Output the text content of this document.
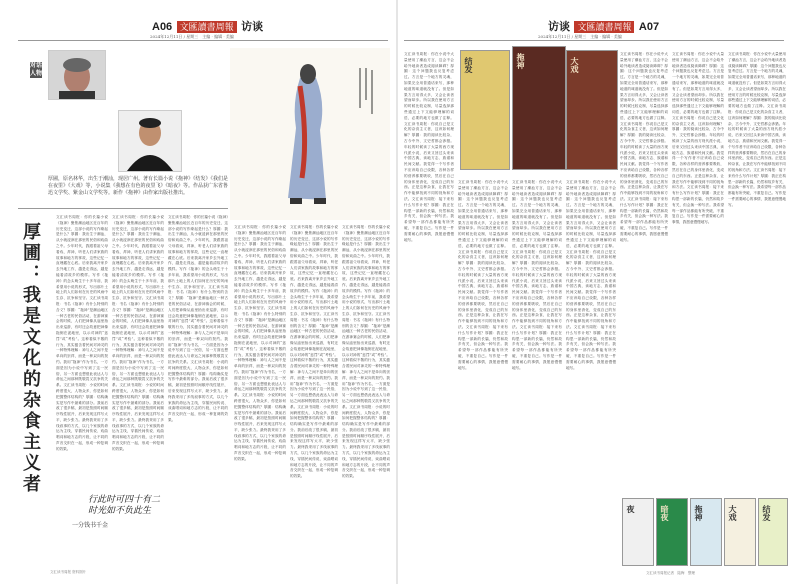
A06 文匯讀書周報 访谈
2024年12月11日 / 星期三　主编 · 编辑 · 美编
对话人物
厚圃，原名林华，出生于潮汕，现居广州。著有长篇小说《拖神》《结发》《我们是在夜里》《大戏》等，小说集《我想在有色的夜里飞》《暗夜》等。作品获广东省鲁迅文学奖、紫金山文学奖等。新作《拖神》由作家出版社推出。
厚圃：我是文化的杂食主义者
文汇读书周报：你的长篇小说《拖神》聚焦潮汕地区近百年的历史变迁，这部小说的写作缘起是什么？厚圃：我出生于潮汕，从小就浸润在那里的民俗和戏曲之中。少年时代，我跟着祖父母看戏、拜神，听老人们讲家族的故事和地方的掌故，这些记忆一直埋藏在心底。后来我离开家乡去外地工作，越是走得远，越是能看清故乡的模样。写作《拖神》的念头萌生于十多年前，我希望用小说的形式，写出那片土地上的人们如何在历史的风雨中生存、抗争和坚守。文汇读书周报：书名《拖神》有什么特别的含义？厚圃：“拖神”是潮汕地区一种古老的民俗活动，在游神赛会的时候，人们把神像从庙里抬出来巡游，有时还会故意把神像拖倒在泥地里，以示对神的“惩罚”或“考验”。这种看似不敬的行为，其实蕴含着民间对神灵的一种特殊理解：神与人之间不是单向的崇拜，而是一种双向的契约。我用“拖神”作为书名，一方面是因为小说中写到了这一民俗，另一方面也想借此表达人与命运之间那种既敬畏又抗争的关系。文汇读书周报：小说的时间跨度很大，人物众多，你是如何把握整体结构的？厚圃：结构确实是写作中最难的部分。我前后改了很多稿，最初是按照时间顺序线性展开，后来发现这样写太平，缺少张力。最终我采用了多线叙事的方式，以几个家族的命运为主线，穿插民间传说、戏曲唱词和地方志的片段，让不同的声音交织在一起，形成一种复调的效果。
文汇读书周报：你的长篇小说《拖神》聚焦潮汕地区近百年的历史变迁，这部小说的写作缘起是什么？厚圃：我出生于潮汕，从小就浸润在那里的民俗和戏曲之中。少年时代，我跟着祖父母看戏、拜神，听老人们讲家族的故事和地方的掌故，这些记忆一直埋藏在心底。后来我离开家乡去外地工作，越是走得远，越是能看清故乡的模样。写作《拖神》的念头萌生于十多年前，我希望用小说的形式，写出那片土地上的人们如何在历史的风雨中生存、抗争和坚守。文汇读书周报：书名《拖神》有什么特别的含义？厚圃：“拖神”是潮汕地区一种古老的民俗活动，在游神赛会的时候，人们把神像从庙里抬出来巡游，有时还会故意把神像拖倒在泥地里，以示对神的“惩罚”或“考验”。这种看似不敬的行为，其实蕴含着民间对神灵的一种特殊理解：神与人之间不是单向的崇拜，而是一种双向的契约。我用“拖神”作为书名，一方面是因为小说中写到了这一民俗，另一方面也想借此表达人与命运之间那种既敬畏又抗争的关系。文汇读书周报：小说的时间跨度很大，人物众多，你是如何把握整体结构的？厚圃：结构确实是写作中最难的部分。我前后改了很多稿，最初是按照时间顺序线性展开，后来发现这样写太平，缺少张力。最终我采用了多线叙事的方式，以几个家族的命运为主线，穿插民间传说、戏曲唱词和地方志的片段，让不同的声音交织在一起，形成一种复调的效果。
文汇读书周报：你的长篇小说《拖神》聚焦潮汕地区近百年的历史变迁，这部小说的写作缘起是什么？厚圃：我出生于潮汕，从小就浸润在那里的民俗和戏曲之中。少年时代，我跟着祖父母看戏、拜神，听老人们讲家族的故事和地方的掌故，这些记忆一直埋藏在心底。后来我离开家乡去外地工作，越是走得远，越是能看清故乡的模样。写作《拖神》的念头萌生于十多年前，我希望用小说的形式，写出那片土地上的人们如何在历史的风雨中生存、抗争和坚守。文汇读书周报：书名《拖神》有什么特别的含义？厚圃：“拖神”是潮汕地区一种古老的民俗活动，在游神赛会的时候，人们把神像从庙里抬出来巡游，有时还会故意把神像拖倒在泥地里，以示对神的“惩罚”或“考验”。这种看似不敬的行为，其实蕴含着民间对神灵的一种特殊理解：神与人之间不是单向的崇拜，而是一种双向的契约。我用“拖神”作为书名，一方面是因为小说中写到了这一民俗，另一方面也想借此表达人与命运之间那种既敬畏又抗争的关系。文汇读书周报：小说的时间跨度很大，人物众多，你是如何把握整体结构的？厚圃：结构确实是写作中最难的部分。我前后改了很多稿，最初是按照时间顺序线性展开，后来发现这样写太平，缺少张力。最终我采用了多线叙事的方式，以几个家族的命运为主线，穿插民间传说、戏曲唱词和地方志的片段，让不同的声音交织在一起，形成一种复调的效果。
文汇读书周报：你的长篇小说《拖神》聚焦潮汕地区近百年的历史变迁，这部小说的写作缘起是什么？厚圃：我出生于潮汕，从小就浸润在那里的民俗和戏曲之中。少年时代，我跟着祖父母看戏、拜神，听老人们讲家族的故事和地方的掌故，这些记忆一直埋藏在心底。后来我离开家乡去外地工作，越是走得远，越是能看清故乡的模样。写作《拖神》的念头萌生于十多年前，我希望用小说的形式，写出那片土地上的人们如何在历史的风雨中生存、抗争和坚守。文汇读书周报：书名《拖神》有什么特别的含义？厚圃：“拖神”是潮汕地区一种古老的民俗活动，在游神赛会的时候，人们把神像从庙里抬出来巡游，有时还会故意把神像拖倒在泥地里，以示对神的“惩罚”或“考验”。这种看似不敬的行为，其实蕴含着民间对神灵的一种特殊理解：神与人之间不是单向的崇拜，而是一种双向的契约。我用“拖神”作为书名，一方面是因为小说中写到了这一民俗，另一方面也想借此表达人与命运之间那种既敬畏又抗争的关系。文汇读书周报：小说的时间跨度很大，人物众多，你是如何把握整体结构的？厚圃：结构确实是写作中最难的部分。我前后改了很多稿，最初是按照时间顺序线性展开，后来发现这样写太平，缺少张力。最终我采用了多线叙事的方式，以几个家族的命运为主线，穿插民间传说、戏曲唱词和地方志的片段，让不同的声音交织在一起，形成一种复调的效果。
文汇读书周报：你的长篇小说《拖神》聚焦潮汕地区近百年的历史变迁，这部小说的写作缘起是什么？厚圃：我出生于潮汕，从小就浸润在那里的民俗和戏曲之中。少年时代，我跟着祖父母看戏、拜神，听老人们讲家族的故事和地方的掌故，这些记忆一直埋藏在心底。后来我离开家乡去外地工作，越是走得远，越是能看清故乡的模样。写作《拖神》的念头萌生于十多年前，我希望用小说的形式，写出那片土地上的人们如何在历史的风雨中生存、抗争和坚守。文汇读书周报：书名《拖神》有什么特别的含义？厚圃：“拖神”是潮汕地区一种古老的民俗活动，在游神赛会的时候，人们把神像从庙里抬出来巡游，有时还会故意把神像拖倒在泥地里，以示对神的“惩罚”或“考验”。这种看似不敬的行为，其实蕴含着民间对神灵的一种特殊理解：神与人之间不是单向的崇拜，而是一种双向的契约。我用“拖神”作为书名，一方面是因为小说中写到了这一民俗，另一方面也想借此表达人与命运之间那种既敬畏又抗争的关系。文汇读书周报：小说的时间跨度很大，人物众多，你是如何把握整体结构的？厚圃：结构确实是写作中最难的部分。我前后改了很多稿，最初是按照时间顺序线性展开，后来发现这样写太平，缺少张力。最终我采用了多线叙事的方式，以几个家族的命运为主线，穿插民间传说、戏曲唱词和地方志的片段，让不同的声音交织在一起，形成一种复调的效果。
文汇读书周报：你的长篇小说《拖神》聚焦潮汕地区近百年的历史变迁，这部小说的写作缘起是什么？厚圃：我出生于潮汕，从小就浸润在那里的民俗和戏曲之中。少年时代，我跟着祖父母看戏、拜神，听老人们讲家族的故事和地方的掌故，这些记忆一直埋藏在心底。后来我离开家乡去外地工作，越是走得远，越是能看清故乡的模样。写作《拖神》的念头萌生于十多年前，我希望用小说的形式，写出那片土地上的人们如何在历史的风雨中生存、抗争和坚守。文汇读书周报：书名《拖神》有什么特别的含义？厚圃：“拖神”是潮汕地区一种古老的民俗活动，在游神赛会的时候，人们把神像从庙里抬出来巡游，有时还会故意把神像拖倒在泥地里，以示对神的“惩罚”或“考验”。这种看似不敬的行为，其实蕴含着民间对神灵的一种特殊理解：神与人之间不是单向的崇拜，而是一种双向的契约。我用“拖神”作为书名，一方面是因为小说中写到了这一民俗，另一方面也想借此表达人与命运之间那种既敬畏又抗争的关系。文汇读书周报：小说的时间跨度很大，人物众多，你是如何把握整体结构的？厚圃：结构确实是写作中最难的部分。我前后改了很多稿，最初是按照时间顺序线性展开，后来发现这样写太平，缺少张力。最终我采用了多线叙事的方式，以几个家族的命运为主线，穿插民间传说、戏曲唱词和地方志的片段，让不同的声音交织在一起，形成一种复调的效果。
行此时可四十有二 时光如不负此生
一分钱书千金
文汇读书周报 资料图片
访谈 文匯讀書周報 A07
2024年12月11日 / 星期三　主编 · 编辑 · 美编
结发	拖神	大戏
文汇读书周报：你在小说中大量使用了潮汕方言，这会不会给外地读者造成阅读障碍？厚圃：这个问题我也反复考虑过。方言是一个地方的灵魂，如果完全用普通话来写，那种地道的味道就没有了。但是如果方言用得太多，又会让读者望而却步。所以我在使用方言的时候比较克制，尽量选择那些通过上下文能够理解的词语，必要的地方也做了注释。文汇读书周报：你说自己是文化的杂食主义者，这该如何理解？厚圃：我的阅读比较杂，古今中外、文史哲都会涉猎。年轻的时候读了大量的西方现代派小说，后来又回过头来读中国古典，读地方志、族谱和民间文献。我觉得一个写作者不应该给自己设限，各种各样的营养都要吸收，然后在自己的身体里消化，变成自己的东西。正是这种杂食，让我在写作中能够找到不同的视角和方法。文汇读书周报：接下来有什么写作计划？厚圃：我正在构思一部新的长篇，仍然和故乡有关，但会换一种写法。我希望每一部作品都能有所突破，不重复自己。写作是一件需要耐心的事情，我愿意慢慢地写。
文汇读书周报：你在小说中大量使用了潮汕方言，这会不会给外地读者造成阅读障碍？厚圃：这个问题我也反复考虑过。方言是一个地方的灵魂，如果完全用普通话来写，那种地道的味道就没有了。但是如果方言用得太多，又会让读者望而却步。所以我在使用方言的时候比较克制，尽量选择那些通过上下文能够理解的词语，必要的地方也做了注释。文汇读书周报：你说自己是文化的杂食主义者，这该如何理解？厚圃：我的阅读比较杂，古今中外、文史哲都会涉猎。年轻的时候读了大量的西方现代派小说，后来又回过头来读中国古典，读地方志、族谱和民间文献。我觉得一个写作者不应该给自己设限，各种各样的营养都要吸收，然后在自己的身体里消化，变成自己的东西。正是这种杂食，让我在写作中能够找到不同的视角和方法。文汇读书周报：接下来有什么写作计划？厚圃：我正在构思一部新的长篇，仍然和故乡有关，但会换一种写法。我希望每一部作品都能有所突破，不重复自己。写作是一件需要耐心的事情，我愿意慢慢地写。
文汇读书周报：你在小说中大量使用了潮汕方言，这会不会给外地读者造成阅读障碍？厚圃：这个问题我也反复考虑过。方言是一个地方的灵魂，如果完全用普通话来写，那种地道的味道就没有了。但是如果方言用得太多，又会让读者望而却步。所以我在使用方言的时候比较克制，尽量选择那些通过上下文能够理解的词语，必要的地方也做了注释。文汇读书周报：你说自己是文化的杂食主义者，这该如何理解？厚圃：我的阅读比较杂，古今中外、文史哲都会涉猎。年轻的时候读了大量的西方现代派小说，后来又回过头来读中国古典，读地方志、族谱和民间文献。我觉得一个写作者不应该给自己设限，各种各样的营养都要吸收，然后在自己的身体里消化，变成自己的东西。正是这种杂食，让我在写作中能够找到不同的视角和方法。文汇读书周报：接下来有什么写作计划？厚圃：我正在构思一部新的长篇，仍然和故乡有关，但会换一种写法。我希望每一部作品都能有所突破，不重复自己。写作是一件需要耐心的事情，我愿意慢慢地写。
文汇读书周报：你在小说中大量使用了潮汕方言，这会不会给外地读者造成阅读障碍？厚圃：这个问题我也反复考虑过。方言是一个地方的灵魂，如果完全用普通话来写，那种地道的味道就没有了。但是如果方言用得太多，又会让读者望而却步。所以我在使用方言的时候比较克制，尽量选择那些通过上下文能够理解的词语，必要的地方也做了注释。文汇读书周报：你说自己是文化的杂食主义者，这该如何理解？厚圃：我的阅读比较杂，古今中外、文史哲都会涉猎。年轻的时候读了大量的西方现代派小说，后来又回过头来读中国古典，读地方志、族谱和民间文献。我觉得一个写作者不应该给自己设限，各种各样的营养都要吸收，然后在自己的身体里消化，变成自己的东西。正是这种杂食，让我在写作中能够找到不同的视角和方法。文汇读书周报：接下来有什么写作计划？厚圃：我正在构思一部新的长篇，仍然和故乡有关，但会换一种写法。我希望每一部作品都能有所突破，不重复自己。写作是一件需要耐心的事情，我愿意慢慢地写。
文汇读书周报：你在小说中大量使用了潮汕方言，这会不会给外地读者造成阅读障碍？厚圃：这个问题我也反复考虑过。方言是一个地方的灵魂，如果完全用普通话来写，那种地道的味道就没有了。但是如果方言用得太多，又会让读者望而却步。所以我在使用方言的时候比较克制，尽量选择那些通过上下文能够理解的词语，必要的地方也做了注释。文汇读书周报：你说自己是文化的杂食主义者，这该如何理解？厚圃：我的阅读比较杂，古今中外、文史哲都会涉猎。年轻的时候读了大量的西方现代派小说，后来又回过头来读中国古典，读地方志、族谱和民间文献。我觉得一个写作者不应该给自己设限，各种各样的营养都要吸收，然后在自己的身体里消化，变成自己的东西。正是这种杂食，让我在写作中能够找到不同的视角和方法。文汇读书周报：接下来有什么写作计划？厚圃：我正在构思一部新的长篇，仍然和故乡有关，但会换一种写法。我希望每一部作品都能有所突破，不重复自己。写作是一件需要耐心的事情，我愿意慢慢地写。
文汇读书周报：你在小说中大量使用了潮汕方言，这会不会给外地读者造成阅读障碍？厚圃：这个问题我也反复考虑过。方言是一个地方的灵魂，如果完全用普通话来写，那种地道的味道就没有了。但是如果方言用得太多，又会让读者望而却步。所以我在使用方言的时候比较克制，尽量选择那些通过上下文能够理解的词语，必要的地方也做了注释。文汇读书周报：你说自己是文化的杂食主义者，这该如何理解？厚圃：我的阅读比较杂，古今中外、文史哲都会涉猎。年轻的时候读了大量的西方现代派小说，后来又回过头来读中国古典，读地方志、族谱和民间文献。我觉得一个写作者不应该给自己设限，各种各样的营养都要吸收，然后在自己的身体里消化，变成自己的东西。正是这种杂食，让我在写作中能够找到不同的视角和方法。文汇读书周报：接下来有什么写作计划？厚圃：我正在构思一部新的长篇，仍然和故乡有关，但会换一种写法。我希望每一部作品都能有所突破，不重复自己。写作是一件需要耐心的事情，我愿意慢慢地写。
文汇读书周报：你在小说中大量使用了潮汕方言，这会不会给外地读者造成阅读障碍？厚圃：这个问题我也反复考虑过。方言是一个地方的灵魂，如果完全用普通话来写，那种地道的味道就没有了。但是如果方言用得太多，又会让读者望而却步。所以我在使用方言的时候比较克制，尽量选择那些通过上下文能够理解的词语，必要的地方也做了注释。文汇读书周报：你说自己是文化的杂食主义者，这该如何理解？厚圃：我的阅读比较杂，古今中外、文史哲都会涉猎。年轻的时候读了大量的西方现代派小说，后来又回过头来读中国古典，读地方志、族谱和民间文献。我觉得一个写作者不应该给自己设限，各种各样的营养都要吸收，然后在自己的身体里消化，变成自己的东西。正是这种杂食，让我在写作中能够找到不同的视角和方法。文汇读书周报：接下来有什么写作计划？厚圃：我正在构思一部新的长篇，仍然和故乡有关，但会换一种写法。我希望每一部作品都能有所突破，不重复自己。写作是一件需要耐心的事情，我愿意慢慢地写。
夜	暗夜	拖神	大戏	结发
文汇读书周报记者　陆梅　整理
